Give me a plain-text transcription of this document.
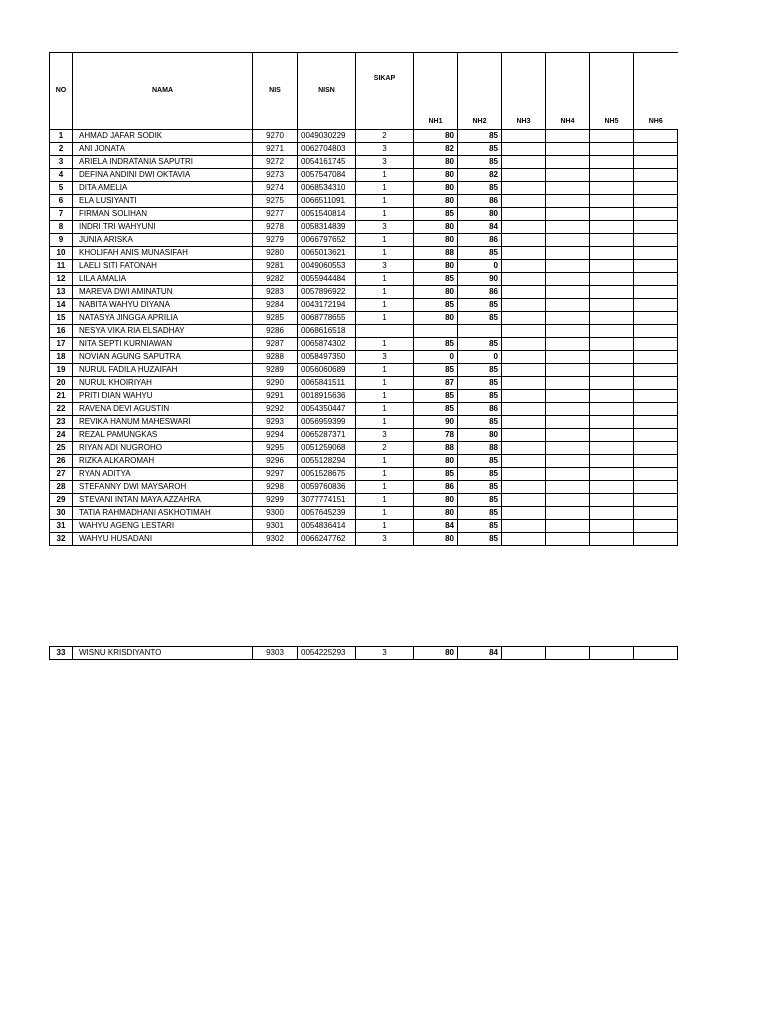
NO	NAMA	NIS	NISN	SIKAP	NH1	NH2	NH3	NH4	NH5	NH6
1	AHMAD JAFAR SODIK	9270	0049030229	2	80	85				
2	ANI JONATA	9271	0062704803	3	82	85				
3	ARIELA INDRATANIA SAPUTRI	9272	0054161745	3	80	85				
4	DEFINA ANDINI DWI OKTAVIA	9273	0057547084	1	80	82				
5	DITA AMELIA	9274	0068534310	1	80	85				
6	ELA LUSIYANTI	9275	0066511091	1	80	86				
7	FIRMAN SOLIHAN	9277	0051540814	1	85	80				
8	INDRI TRI WAHYUNI	9278	0058314839	3	80	84				
9	JUNIA ARISKA	9279	0066797652	1	80	86				
10	KHOLIFAH ANIS MUNASIFAH	9280	0065013621	1	88	85				
11	LAELI SITI FATONAH	9281	0049060553	3	80	0				
12	LILA AMALIA	9282	0055944484	1	85	90				
13	MAREVA DWI AMINATUN	9283	0057896922	1	80	86				
14	NABITA WAHYU DIYANA	9284	0043172194	1	85	85				
15	NATASYA JINGGA APRILIA	9285	0068778655	1	80	85				
16	NESYA VIKA RIA ELSADHAY	9286	0068616518							
17	NITA SEPTI KURNIAWAN	9287	0065874302	1	85	85				
18	NOVIAN AGUNG SAPUTRA	9288	0058497350	3	0	0				
19	NURUL FADILA HUZAIFAH	9289	0056060689	1	85	85				
20	NURUL KHOIRIYAH	9290	0065841511	1	87	85				
21	PRITI DIAN WAHYU	9291	0018915636	1	85	85				
22	RAVENA DEVI AGUSTIN	9292	0054350447	1	85	86				
23	REVIKA HANUM MAHESWARI	9293	0056959399	1	90	85				
24	REZAL PAMUNGKAS	9294	0065287371	3	78	80				
25	RIYAN ADI NUGROHO	9295	0051259068	2	88	88				
26	RIZKA ALKAROMAH	9296	0055128294	1	80	85				
27	RYAN ADITYA	9297	0051528675	1	85	85				
28	STEFANNY DWI MAYSAROH	9298	0059760836	1	86	85				
29	STEVANI INTAN MAYA AZZAHRA	9299	3077774151	1	80	85				
30	TATIA RAHMADHANI ASKHOTIMAH	9300	0057645239	1	80	85				
31	WAHYU AGENG LESTARI	9301	0054836414	1	84	85				
32	WAHYU HUSADANI	9302	0066247762	3	80	85				
33	WISNU KRISDIYANTO	9303	0054225293	3	80	84				
